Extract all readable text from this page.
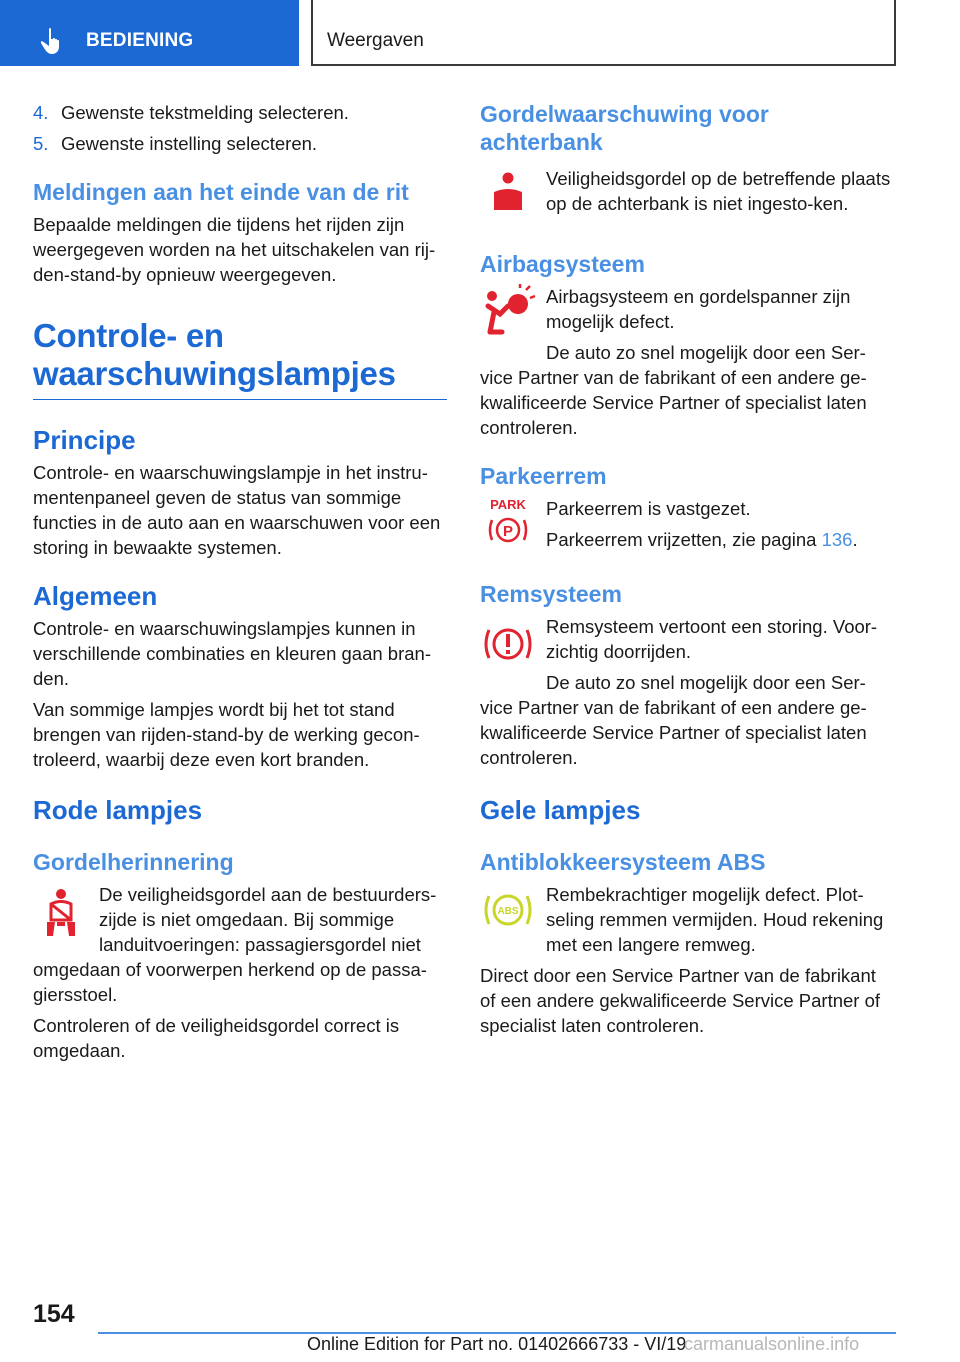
BEDIENING	Weergaven
4. Gewenste tekstmelding selecteren.
5. Gewenste instelling selecteren.
Meldingen aan het einde van de rit

Bepaalde meldingen die tijdens het rijden zijn weergegeven worden na het uitschakelen van rij-den-stand-by opnieuw weergegeven.

Controle- en waarschuwingslampjes
Principe

Controle- en waarschuwingslampje in het instru-mentenpaneel geven de status van sommige functies in de auto aan en waarschuwen voor een storing in bewaakte systemen.

Algemeen

Controle- en waarschuwingslampjes kunnen in verschillende combinaties en kleuren gaan bran-den.

Van sommige lampjes wordt bij het tot stand brengen van rijden-stand-by de werking gecon-troleerd, waarbij deze even kort branden.

Rode lampjes
Gordelherinnering

De veiligheidsgordel aan de bestuurders-zijde is niet omgedaan. Bij sommige landuitvoeringen: passagiersgordel niet

omgedaan of voorwerpen herkend op de passa-giersstoel.

Controleren of de veiligheidsgordel correct is omgedaan.

Gordelwaarschuwing voor achterbank

Veiligheidsgordel op de betreffende plaats op de achterbank is niet ingesto-ken.

Airbagsysteem

Airbagsysteem en gordelspanner zijn mogelijk defect.

De auto zo snel mogelijk door een Ser-

vice Partner van de fabrikant of een andere ge-kwalificeerde Service Partner of specialist laten controleren.

Parkeerrem
PARK
P

Parkeerrem is vastgezet.

Parkeerrem vrijzetten, zie pagina 136.

Remsysteem

Remsysteem vertoont een storing. Voor-zichtig doorrijden.

De auto zo snel mogelijk door een Ser-

vice Partner van de fabrikant of een andere ge-kwalificeerde Service Partner of specialist laten controleren.

Gele lampjes
Antiblokkeersysteem ABS
ABS

Rembekrachtiger mogelijk defect. Plot-seling remmen vermijden. Houd rekening met een langere remweg.

Direct door een Service Partner van de fabrikant of een andere gekwalificeerde Service Partner of specialist laten controleren.

154
Online Edition for Part no. 01402666733 - VI/19
carmanualsonline.info
